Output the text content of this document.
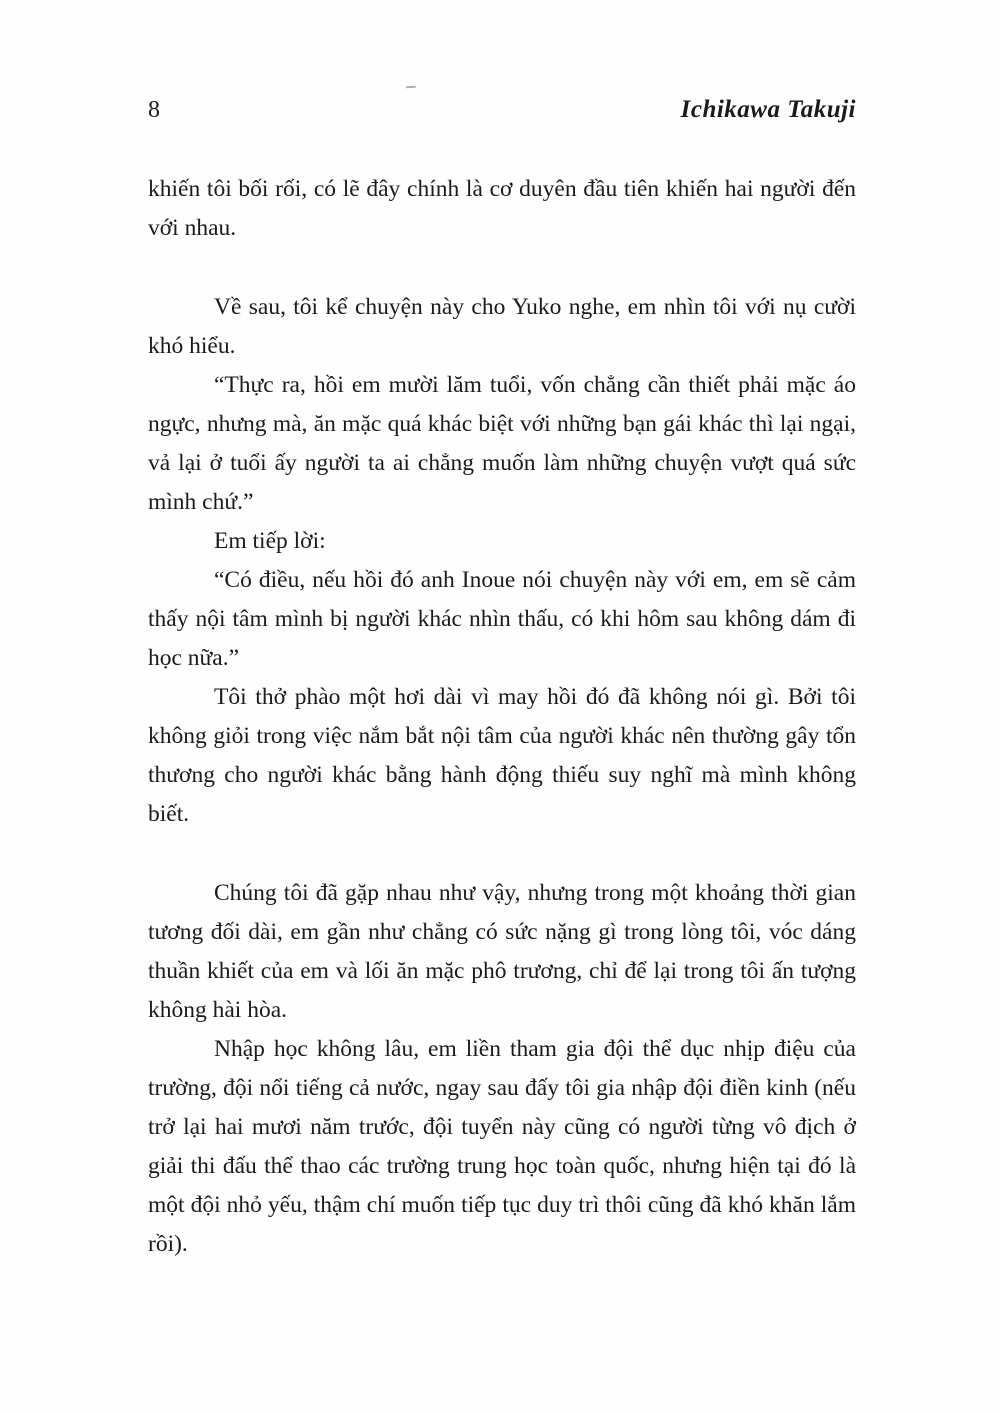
8	Ichikawa Takuji

khiến tôi bối rối, có lẽ đây chính là cơ duyên đầu tiên khiến hai người đến với nhau.

Về sau, tôi kể chuyện này cho Yuko nghe, em nhìn tôi với nụ cười khó hiểu.

“Thực ra, hồi em mười lăm tuổi, vốn chẳng cần thiết phải mặc áo ngực, nhưng mà, ăn mặc quá khác biệt với những bạn gái khác thì lại ngại, vả lại ở tuổi ấy người ta ai chẳng muốn làm những chuyện vượt quá sức mình chứ.”

Em tiếp lời:

“Có điều, nếu hồi đó anh Inoue nói chuyện này với em, em sẽ cảm thấy nội tâm mình bị người khác nhìn thấu, có khi hôm sau không dám đi học nữa.”

Tôi thở phào một hơi dài vì may hồi đó đã không nói gì. Bởi tôi không giỏi trong việc nắm bắt nội tâm của người khác nên thường gây tổn thương cho người khác bằng hành động thiếu suy nghĩ mà mình không biết.

Chúng tôi đã gặp nhau như vậy, nhưng trong một khoảng thời gian tương đối dài, em gần như chẳng có sức nặng gì trong lòng tôi, vóc dáng thuần khiết của em và lối ăn mặc phô trương, chỉ để lại trong tôi ấn tượng không hài hòa.

Nhập học không lâu, em liền tham gia đội thể dục nhịp điệu của trường, đội nổi tiếng cả nước, ngay sau đấy tôi gia nhập đội điền kinh (nếu trở lại hai mươi năm trước, đội tuyển này cũng có người từng vô địch ở giải thi đấu thể thao các trường trung học toàn quốc, nhưng hiện tại đó là một đội nhỏ yếu, thậm chí muốn tiếp tục duy trì thôi cũng đã khó khăn lắm rồi).
